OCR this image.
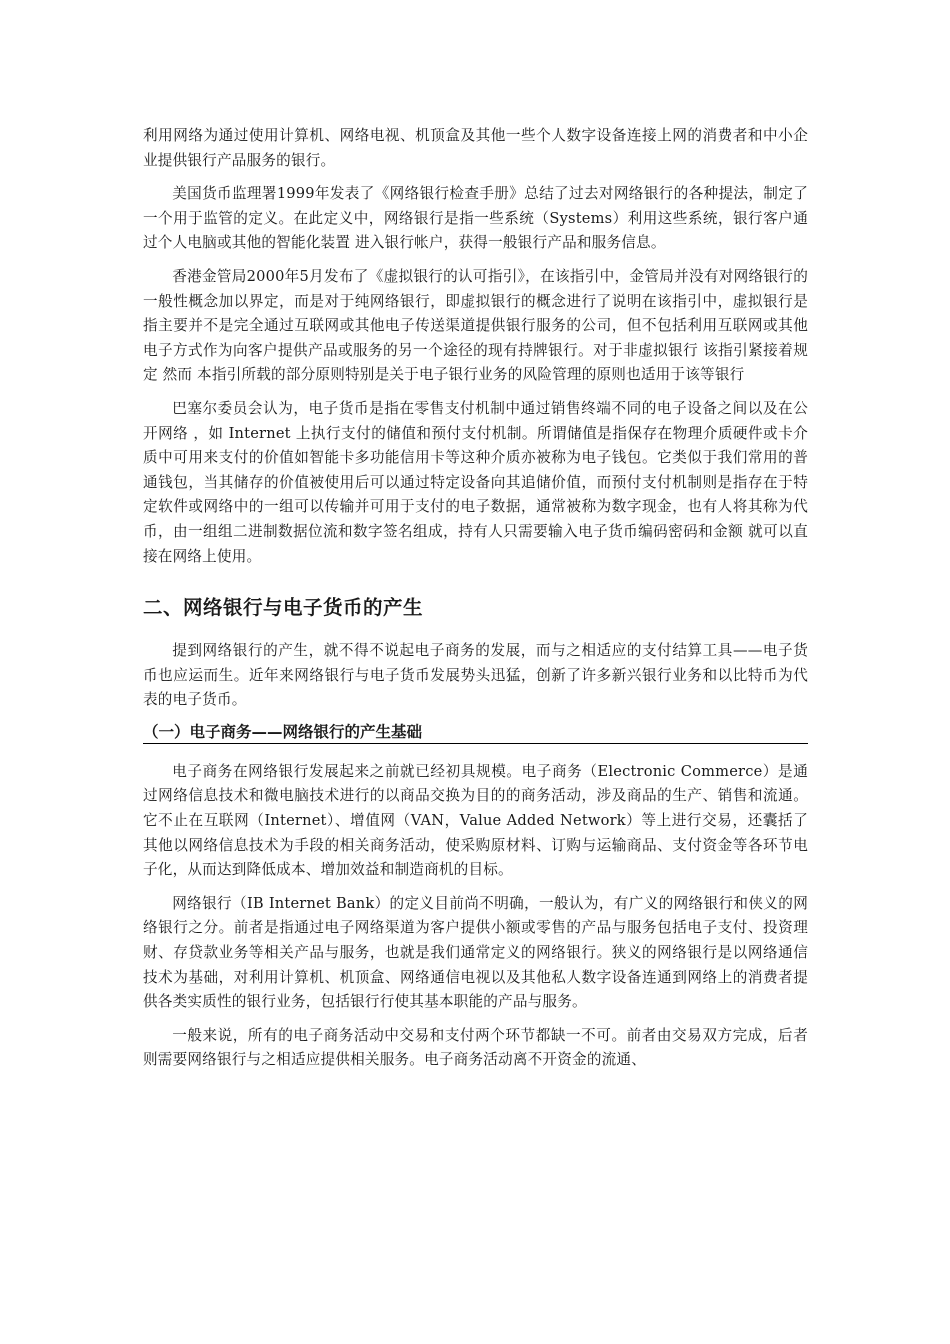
利用网络为通过使用计算机、网络电视、机顶盒及其他一些个人数字设备连接上网的消费者和中小企业提供银行产品服务的银行。

美国货币监理署1999年发表了《网络银行检查手册》总结了过去对网络银行的各种提法，制定了一个用于监管的定义。在此定义中，网络银行是指一些系统（Systems）利用这些系统，银行客户通过个人电脑或其他的智能化装置 进入银行帐户，获得一般银行产品和服务信息。

香港金管局2000年5月发布了《虚拟银行的认可指引》，在该指引中，金管局并没有对网络银行的一般性概念加以界定，而是对于纯网络银行，即虚拟银行的概念进行了说明在该指引中，虚拟银行是指主要并不是完全通过互联网或其他电子传送渠道提供银行服务的公司，但不包括利用互联网或其他电子方式作为向客户提供产品或服务的另一个途径的现有持牌银行。对于非虚拟银行 该指引紧接着规定 然而 本指引所载的部分原则特别是关于电子银行业务的风险管理的原则也适用于该等银行

巴塞尔委员会认为，电子货币是指在零售支付机制中通过销售终端不同的电子设备之间以及在公开网络 ，如 Internet 上执行支付的储值和预付支付机制。所谓储值是指保存在物理介质硬件或卡介质中可用来支付的价值如智能卡多功能信用卡等这种介质亦被称为电子钱包。它类似于我们常用的普通钱包，当其储存的价值被使用后可以通过特定设备向其追储价值，而预付支付机制则是指存在于特定软件或网络中的一组可以传输并可用于支付的电子数据，通常被称为数字现金，也有人将其称为代币，由一组组二进制数据位流和数字签名组成，持有人只需要输入电子货币编码密码和金额 就可以直接在网络上使用。

二、网络银行与电子货币的产生

提到网络银行的产生，就不得不说起电子商务的发展，而与之相适应的支付结算工具——电子货币也应运而生。近年来网络银行与电子货币发展势头迅猛，创新了许多新兴银行业务和以比特币为代表的电子货币。

（一）电子商务——网络银行的产生基础

电子商务在网络银行发展起来之前就已经初具规模。电子商务（Electronic Commerce）是通过网络信息技术和微电脑技术进行的以商品交换为目的的商务活动，涉及商品的生产、销售和流通。它不止在互联网（Internet）、增值网（VAN，Value Added Network）等上进行交易，还囊括了其他以网络信息技术为手段的相关商务活动，使采购原材料、订购与运输商品、支付资金等各环节电子化，从而达到降低成本、增加效益和制造商机的目标。

网络银行（IB Internet Bank）的定义目前尚不明确，一般认为，有广义的网络银行和侠义的网络银行之分。前者是指通过电子网络渠道为客户提供小额或零售的产品与服务包括电子支付、投资理财、存贷款业务等相关产品与服务，也就是我们通常定义的网络银行。狭义的网络银行是以网络通信技术为基础，对利用计算机、机顶盒、网络通信电视以及其他私人数字设备连通到网络上的消费者提供各类实质性的银行业务，包括银行行使其基本职能的产品与服务。

一般来说，所有的电子商务活动中交易和支付两个环节都缺一不可。前者由交易双方完成，后者则需要网络银行与之相适应提供相关服务。电子商务活动离不开资金的流通、
